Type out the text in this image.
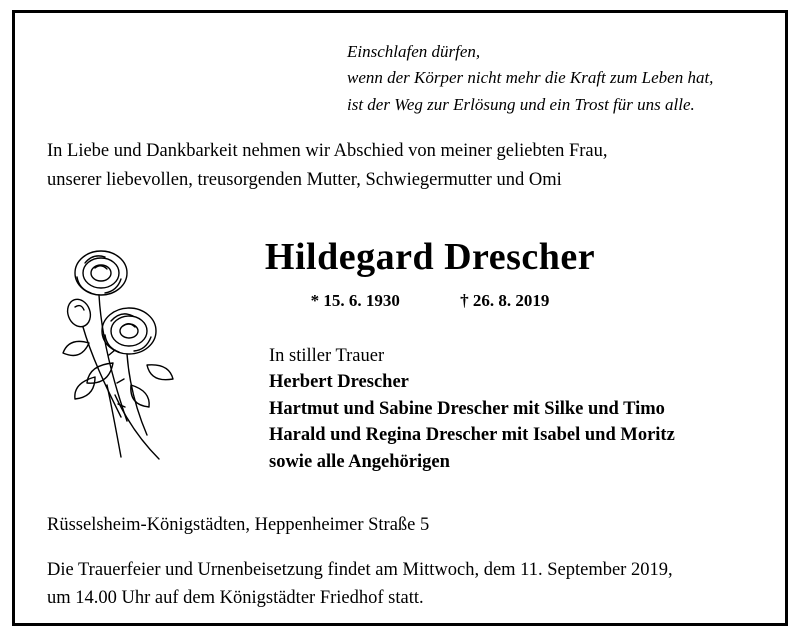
Einschlafen dürfen,
wenn der Körper nicht mehr die Kraft zum Leben hat,
ist der Weg zur Erlösung und ein Trost für uns alle.
In Liebe und Dankbarkeit nehmen wir Abschied von meiner geliebten Frau,
unserer liebevollen, treusorgenden Mutter, Schwiegermutter und Omi
Hildegard Drescher
* 15. 6. 1930	† 26. 8. 2019
In stiller Trauer
Herbert Drescher
Hartmut und Sabine Drescher mit Silke und Timo
Harald und Regina Drescher mit Isabel und Moritz
sowie alle Angehörigen
Rüsselsheim-Königstädten, Heppenheimer Straße 5
Die Trauerfeier und Urnenbeisetzung findet am Mittwoch, dem 11. September 2019,
um 14.00 Uhr auf dem Königstädter Friedhof statt.
